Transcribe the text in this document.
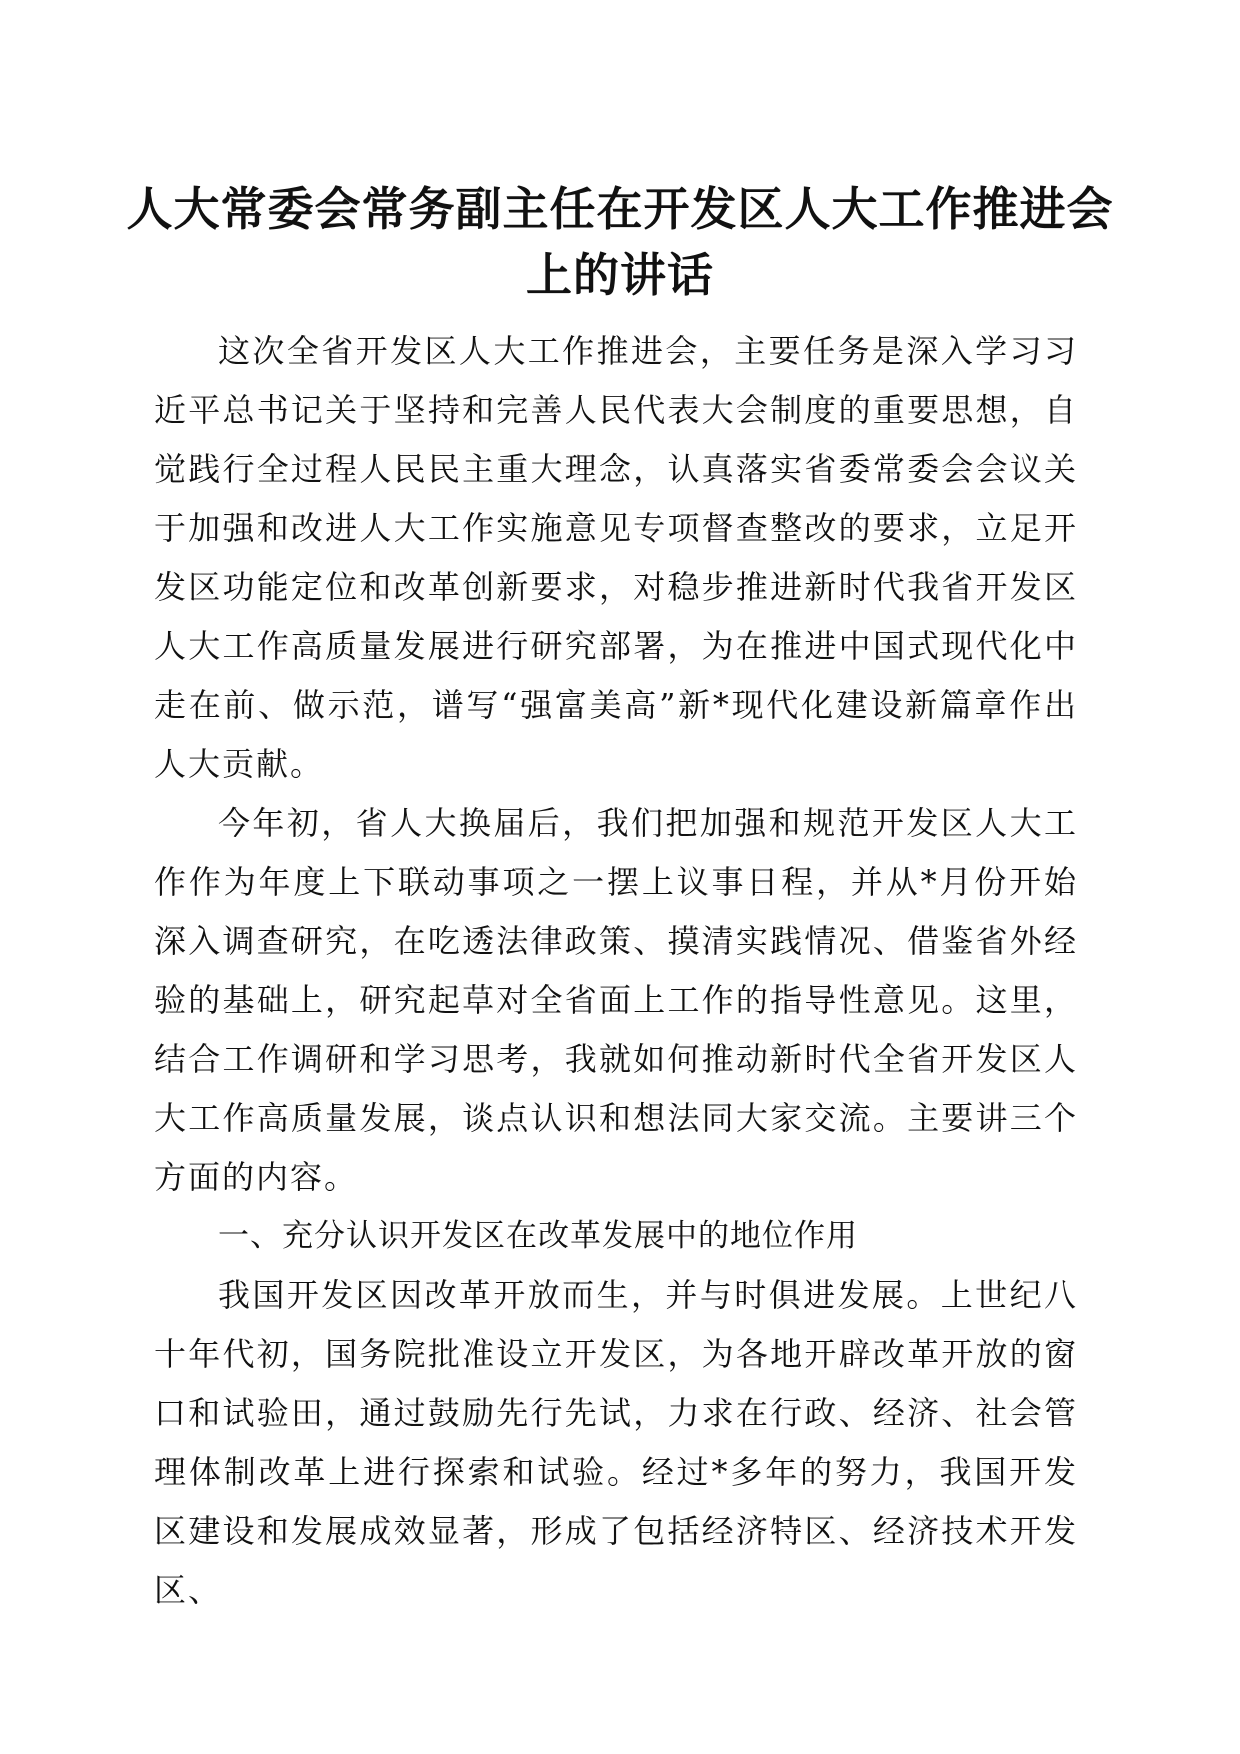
人大常委会常务副主任在开发区人大工作推进会上的讲话

这次全省开发区人大工作推进会，主要任务是深入学习习近平总书记关于坚持和完善人民代表大会制度的重要思想，自觉践行全过程人民民主重大理念，认真落实省委常委会会议关于加强和改进人大工作实施意见专项督查整改的要求，立足开发区功能定位和改革创新要求，对稳步推进新时代我省开发区人大工作高质量发展进行研究部署，为在推进中国式现代化中走在前、做示范，谱写“强富美高”新*现代化建设新篇章作出人大贡献。

今年初，省人大换届后，我们把加强和规范开发区人大工作作为年度上下联动事项之一摆上议事日程，并从*月份开始深入调查研究，在吃透法律政策、摸清实践情况、借鉴省外经验的基础上，研究起草对全省面上工作的指导性意见。这里，结合工作调研和学习思考，我就如何推动新时代全省开发区人大工作高质量发展，谈点认识和想法同大家交流。主要讲三个方面的内容。

一、充分认识开发区在改革发展中的地位作用

我国开发区因改革开放而生，并与时俱进发展。上世纪八十年代初，国务院批准设立开发区，为各地开辟改革开放的窗口和试验田，通过鼓励先行先试，力求在行政、经济、社会管理体制改革上进行探索和试验。经过*多年的努力，我国开发区建设和发展成效显著，形成了包括经济特区、经济技术开发区、
